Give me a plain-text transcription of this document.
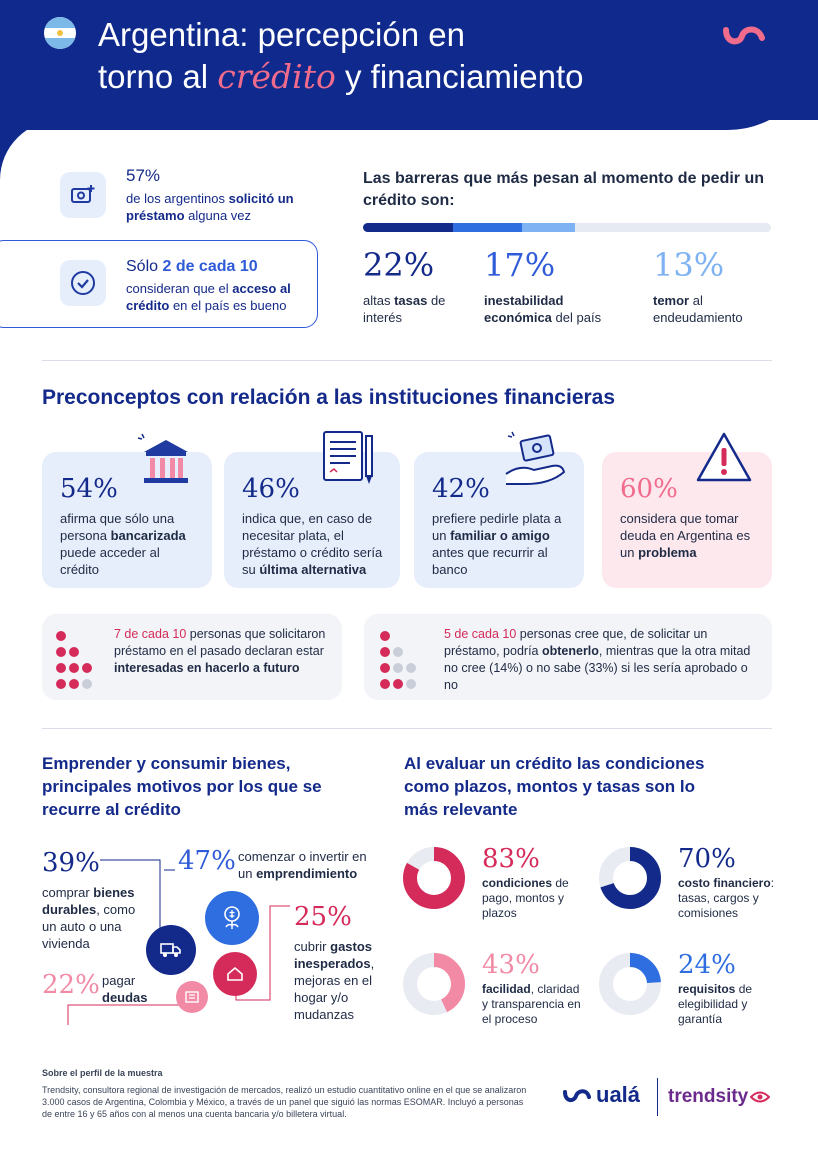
Argentina: percepción en
torno al crédito y financiamiento
57%
de los argentinos solicitó un préstamo alguna vez
Sólo 2 de cada 10
consideran que el acceso al crédito en el país es bueno
Las barreras que más pesan al momento de pedir un crédito son:
22%
altas tasas de interés
17%
inestabilidad económica del país
13%
temor al endeudamiento
Preconceptos con relación a las instituciones financieras
54%
afirma que sólo una persona bancarizada puede acceder al crédito
46%
indica que, en caso de necesitar plata, el préstamo o crédito sería su última alternativa
42%
prefiere pedirle plata a un familiar o amigo antes que recurrir al banco
60%
considera que tomar deuda en Argentina es un problema
7 de cada 10 personas que solicitaron préstamo en el pasado declaran estar interesadas en hacerlo a futuro
5 de cada 10 personas cree que, de solicitar un préstamo, podría obtenerlo, mientras que la otra mitad no cree (14%) o no sabe (33%) si les sería aprobado o no
Emprender y consumir bienes, principales motivos por los que se recurre al crédito
39%
comprar bienes durables, como un auto o una vivienda
47% comenzar o invertir en un emprendimiento
25%
cubrir gastos inesperados, mejoras en el hogar y/o mudanzas
22% pagar deudas
Al evaluar un crédito las condiciones como plazos, montos y tasas son lo más relevante
83%
condiciones de pago, montos y plazos
70%
costo financiero: tasas, cargos y comisiones
43%
facilidad, claridad y transparencia en el proceso
24%
requisitos de elegibilidad y garantía
Sobre el perfil de la muestra
Trendsity, consultora regional de investigación de mercados, realizó un estudio cuantitativo online en el que se analizaron 3.000 casos de Argentina, Colombia y México, a través de un panel que siguió las normas ESOMAR. Incluyó a personas de entre 16 y 65 años con al menos una cuenta bancaria y/o billetera virtual.
ualá trendsity
